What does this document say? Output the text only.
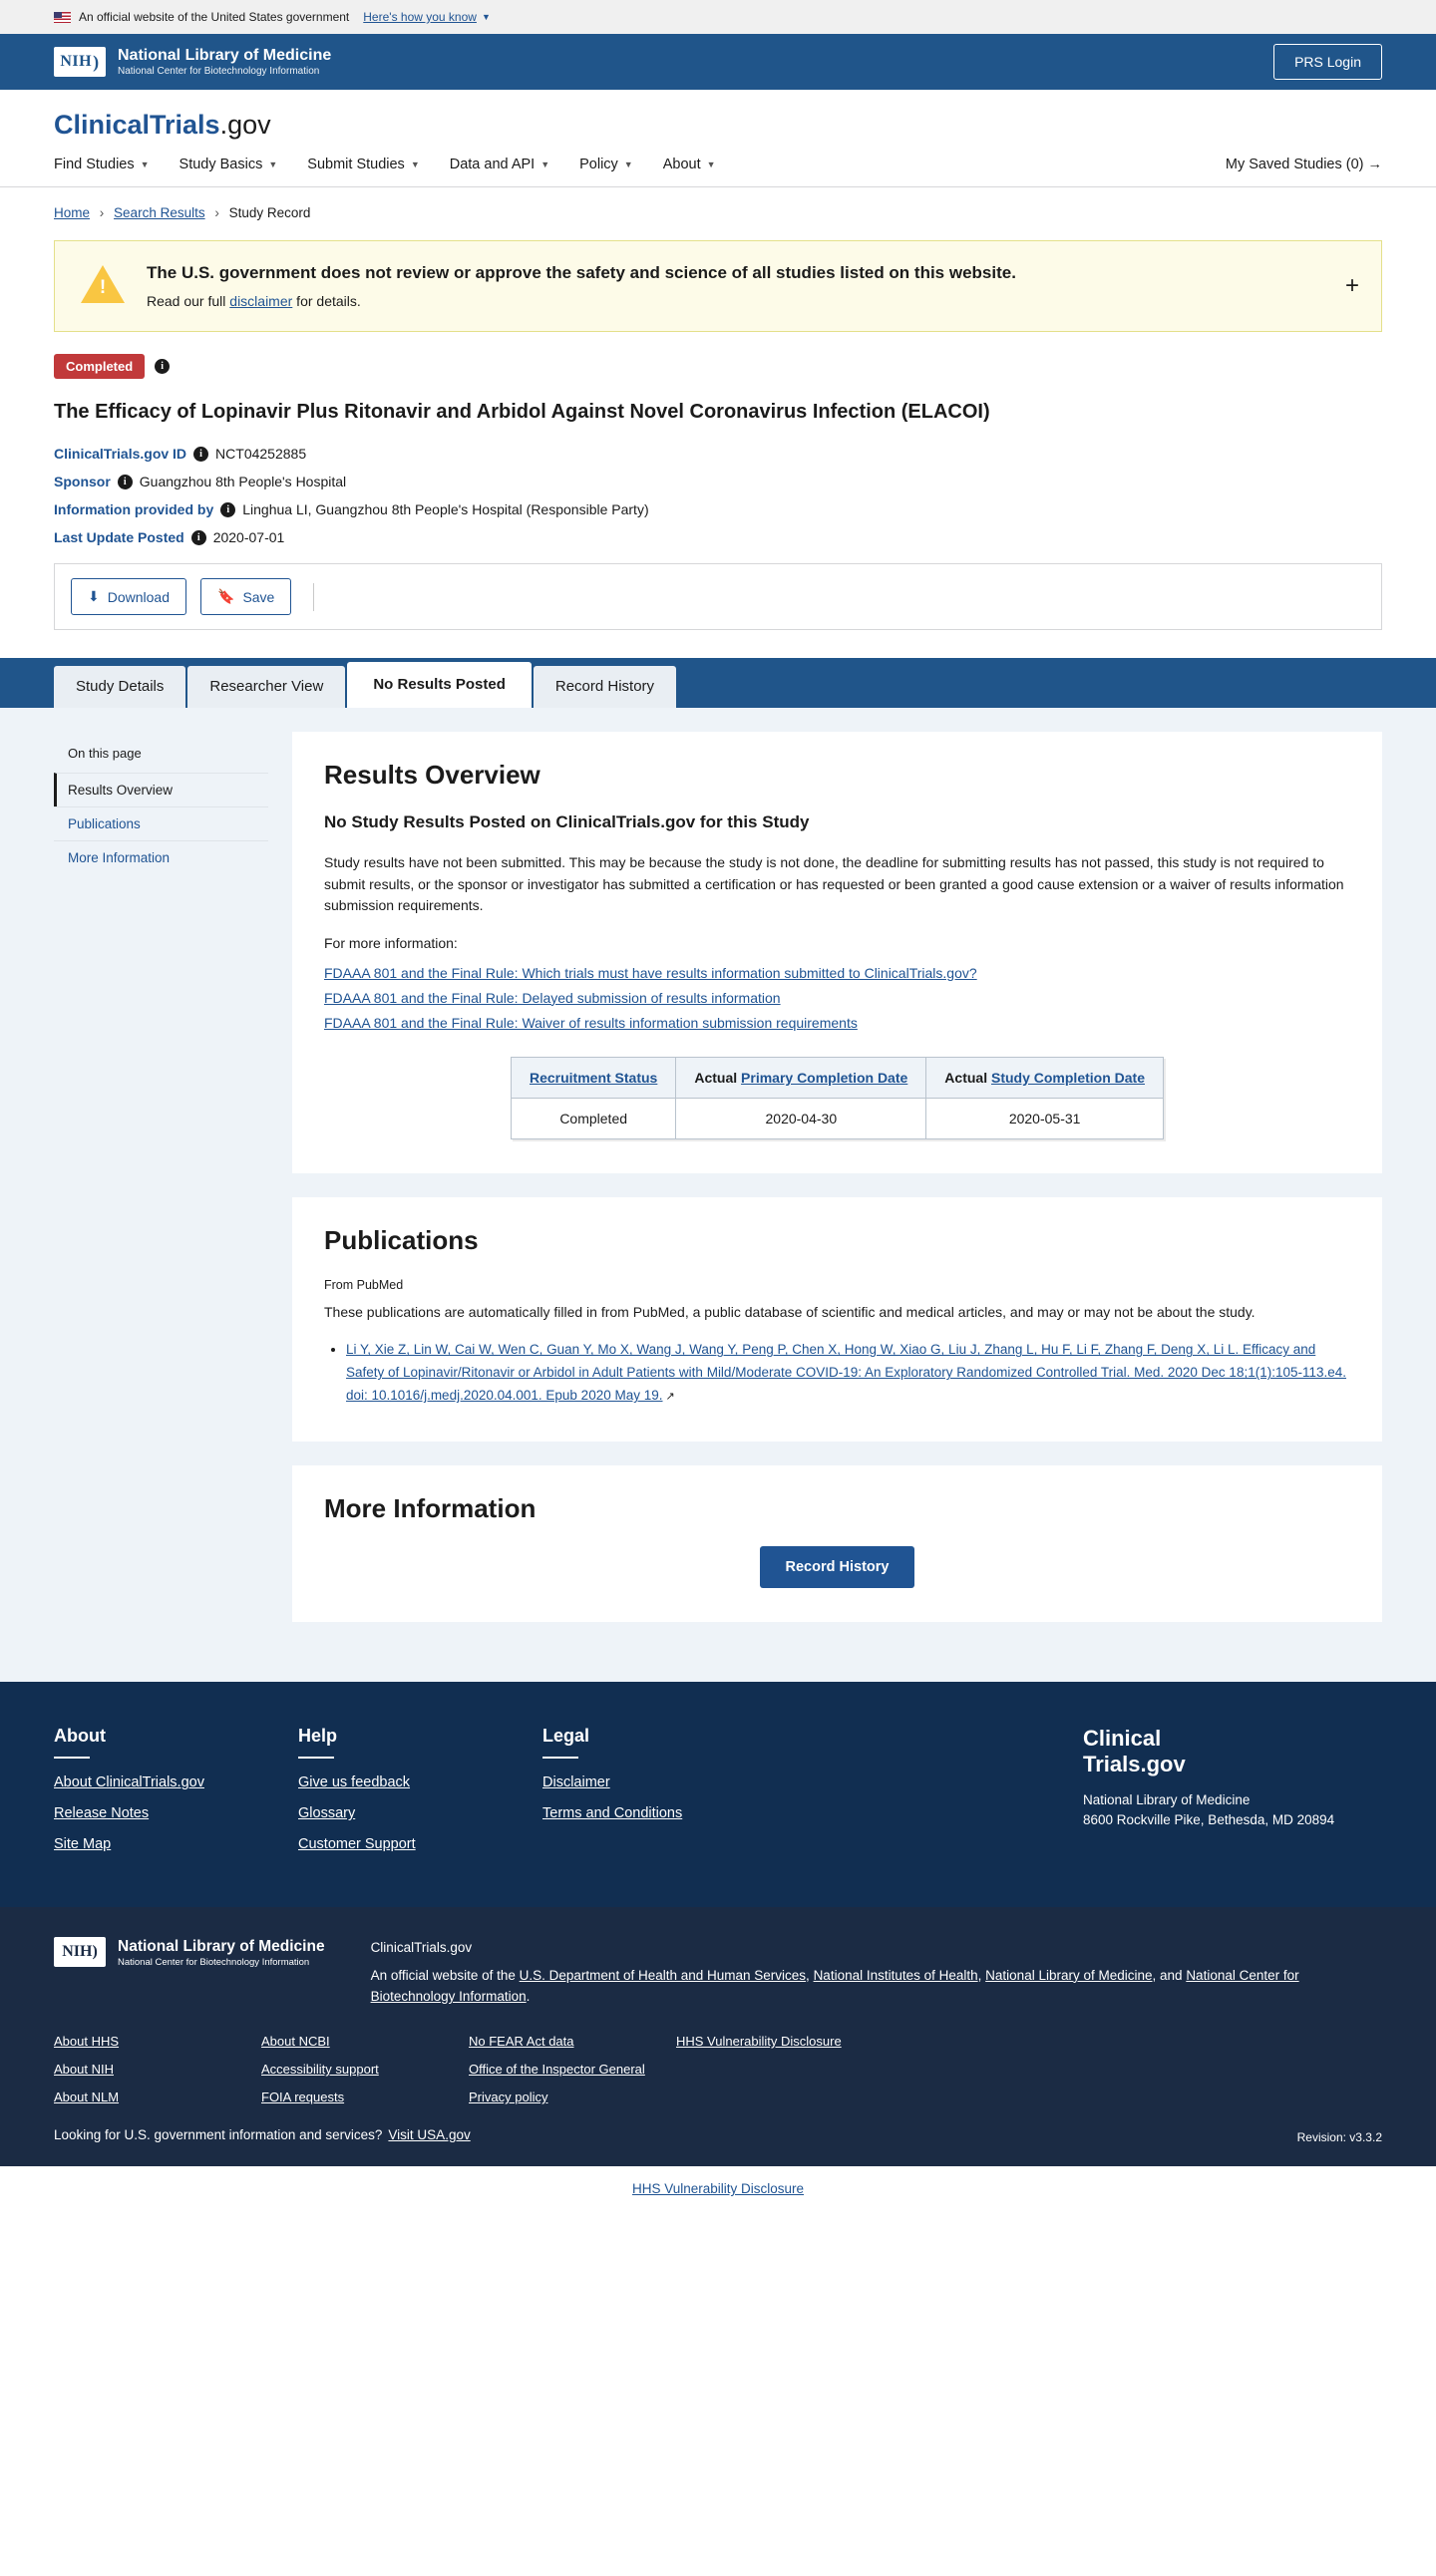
An official website of the United States government Here's how you know ▼
NIH ) National Library of Medicine
National Center for Biotechnology Information
PRS Login
ClinicalTrials.gov
Find Studies ▼ Study Basics ▼ Submit Studies ▼ Data and API ▼ Policy ▼ About ▼	My Saved Studies (0) →
Home › Search Results › Study Record
!
The U.S. government does not review or approve the safety and science of all studies listed on this website.
Read our full disclaimer for details.
+
Completed	i
The Efficacy of Lopinavir Plus Ritonavir and Arbidol Against Novel Coronavirus Infection (ELACOI)
ClinicalTrials.gov ID	i NCT04252885
Sponsor	i Guangzhou 8th People's Hospital
Information provided by	i Linghua LI, Guangzhou 8th People's Hospital (Responsible Party)
Last Update Posted	i 2020-07-01
⬇ Download	🔖 Save
Study Details	Researcher View	No Results Posted	Record History
On this page
Results Overview
Publications
More Information
Results Overview
No Study Results Posted on ClinicalTrials.gov for this Study

Study results have not been submitted. This may be because the study is not done, the deadline for submitting results has not passed, this study is not required to submit results, or the sponsor or investigator has submitted a certification or has requested or been granted a good cause extension or a waiver of results information submission requirements.

For more information:

FDAAA 801 and the Final Rule: Which trials must have results information submitted to ClinicalTrials.gov?
FDAAA 801 and the Final Rule: Delayed submission of results information
FDAAA 801 and the Final Rule: Waiver of results information submission requirements
Recruitment Status	Actual Primary Completion Date	Actual Study Completion Date
Completed	2020-04-30	2020-05-31
Publications
From PubMed

These publications are automatically filled in from PubMed, a public database of scientific and medical articles, and may or may not be about the study.

• Li Y, Xie Z, Lin W, Cai W, Wen C, Guan Y, Mo X, Wang J, Wang Y, Peng P, Chen X, Hong W, Xiao G, Liu J, Zhang L, Hu F, Li F, Zhang F, Deng X, Li L. Efficacy and Safety of Lopinavir/Ritonavir or Arbidol in Adult Patients with Mild/Moderate COVID-19: An Exploratory Randomized Controlled Trial. Med. 2020 Dec 18;1(1):105-113.e4. doi: 10.1016/j.medj.2020.04.001. Epub 2020 May 19. ↗
More Information
Record History
About
About ClinicalTrials.gov
Release Notes
Site Map
Help
Give us feedback
Glossary
Customer Support
Legal
Disclaimer
Terms and Conditions
Clinical
Trials.gov
National Library of Medicine
8600 Rockville Pike, Bethesda, MD 20894
NIH ) National Library of Medicine
National Center for Biotechnology Information
ClinicalTrials.gov
An official website of the U.S. Department of Health and Human Services, National Institutes of Health, National Library of Medicine, and National Center for Biotechnology Information.
About HHS
About NIH
About NLM
About NCBI
Accessibility support
FOIA requests
No FEAR Act data
Office of the Inspector General
Privacy policy
HHS Vulnerability Disclosure
Looking for U.S. government information and services? Visit USA.gov	Revision: v3.3.2
HHS Vulnerability Disclosure
